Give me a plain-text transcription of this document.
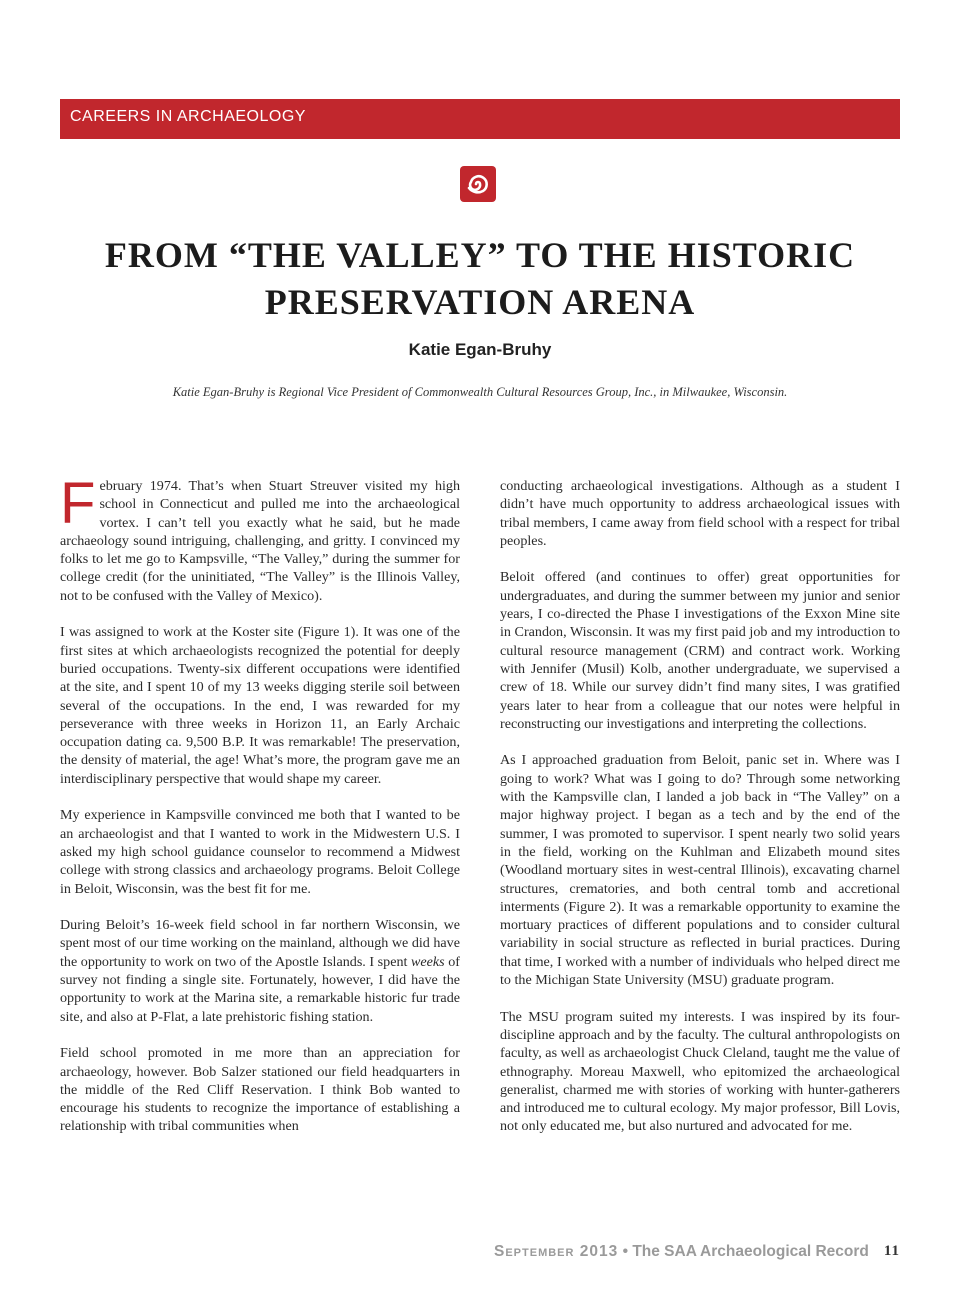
CAREERS IN ARCHAEOLOGY
FROM “THE VALLEY” TO THE HISTORIC
PRESERVATION ARENA
Katie Egan-Bruhy
Katie Egan-Bruhy is Regional Vice President of Commonwealth Cultural Resources Group, Inc., in Milwaukee, Wisconsin.

February 1974. That’s when Stuart Streuver visited my high school in Connecticut and pulled me into the archaeological vortex. I can’t tell you exactly what he said, but he made archaeology sound intriguing, challenging, and gritty. I convinced my folks to let me go to Kampsville, “The Valley,” during the summer for college credit (for the uninitiated, “The Valley” is the Illinois Valley, not to be confused with the Valley of Mexico).

I was assigned to work at the Koster site (Figure 1). It was one of the first sites at which archaeologists recognized the potential for deeply buried occupations. Twenty-six different occupations were identified at the site, and I spent 10 of my 13 weeks digging sterile soil between several of the occupations. In the end, I was rewarded for my perseverance with three weeks in Horizon 11, an Early Archaic occupation dating ca. 9,500 B.P. It was remarkable! The preservation, the density of material, the age! What’s more, the program gave me an interdisciplinary perspective that would shape my career.

My experience in Kampsville convinced me both that I wanted to be an archaeologist and that I wanted to work in the Midwestern U.S. I asked my high school guidance counselor to recommend a Midwest college with strong classics and archaeology programs. Beloit College in Beloit, Wisconsin, was the best fit for me.

During Beloit’s 16-week field school in far northern Wisconsin, we spent most of our time working on the mainland, although we did have the opportunity to work on two of the Apostle Islands. I spent weeks of survey not finding a single site. Fortunately, however, I did have the opportunity to work at the Marina site, a remarkable historic fur trade site, and also at P-Flat, a late prehistoric fishing station.

Field school promoted in me more than an appreciation for archaeology, however. Bob Salzer stationed our field headquarters in the middle of the Red Cliff Reservation. I think Bob wanted to encourage his students to recognize the importance of establishing a relationship with tribal communities when

conducting archaeological investigations. Although as a student I didn’t have much opportunity to address archaeological issues with tribal members, I came away from field school with a respect for tribal peoples.

Beloit offered (and continues to offer) great opportunities for undergraduates, and during the summer between my junior and senior years, I co-directed the Phase I investigations of the Exxon Mine site in Crandon, Wisconsin. It was my first paid job and my introduction to cultural resource management (CRM) and contract work. Working with Jennifer (Musil) Kolb, another undergraduate, we supervised a crew of 18. While our survey didn’t find many sites, I was gratified years later to hear from a colleague that our notes were helpful in reconstructing our investigations and interpreting the collections.

As I approached graduation from Beloit, panic set in. Where was I going to work? What was I going to do? Through some networking with the Kampsville clan, I landed a job back in “The Valley” on a major highway project. I began as a tech and by the end of the summer, I was promoted to supervisor. I spent nearly two solid years in the field, working on the Kuhlman and Elizabeth mound sites (Woodland mortuary sites in west-central Illinois), excavating charnel structures, crematories, and both central tomb and accretional interments (Figure 2). It was a remarkable opportunity to examine the mortuary practices of different populations and to consider cultural variability in social structure as reflected in burial practices. During that time, I worked with a number of individuals who helped direct me to the Michigan State University (MSU) graduate program.

The MSU program suited my interests. I was inspired by its four-discipline approach and by the faculty. The cultural anthropologists on faculty, as well as archaeologist Chuck Cleland, taught me the value of ethnography. Moreau Maxwell, who epitomized the archaeological generalist, charmed me with stories of working with hunter-gatherers and introduced me to cultural ecology. My major professor, Bill Lovis, not only educated me, but also nurtured and advocated for me.

September 2013 • The SAA Archaeological Record 11
